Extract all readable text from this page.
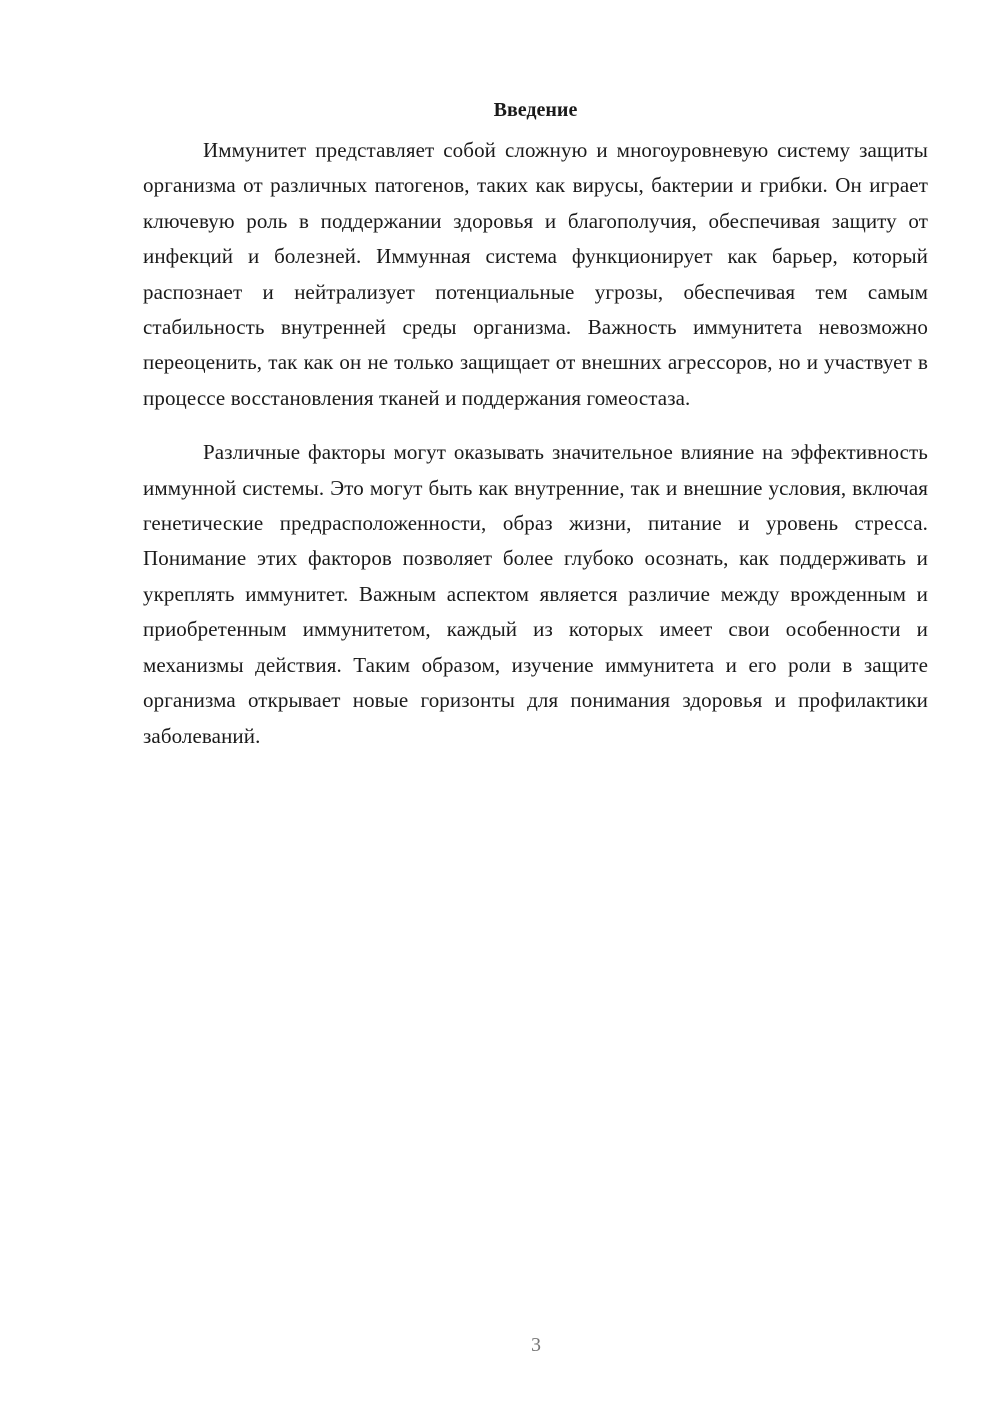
Введение

Иммунитет представляет собой сложную и многоуровневую систему защиты организма от различных патогенов, таких как вирусы, бактерии и грибки. Он играет ключевую роль в поддержании здоровья и благополучия, обеспечивая защиту от инфекций и болезней. Иммунная система функционирует как барьер, который распознает и нейтрализует потенциальные угрозы, обеспечивая тем самым стабильность внутренней среды организма. Важность иммунитета невозможно переоценить, так как он не только защищает от внешних агрессоров, но и участвует в процессе восстановления тканей и поддержания гомеостаза.

Различные факторы могут оказывать значительное влияние на эффективность иммунной системы. Это могут быть как внутренние, так и внешние условия, включая генетические предрасположенности, образ жизни, питание и уровень стресса. Понимание этих факторов позволяет более глубоко осознать, как поддерживать и укреплять иммунитет. Важным аспектом является различие между врожденным и приобретенным иммунитетом, каждый из которых имеет свои особенности и механизмы действия. Таким образом, изучение иммунитета и его роли в защите организма открывает новые горизонты для понимания здоровья и профилактики заболеваний.

3
